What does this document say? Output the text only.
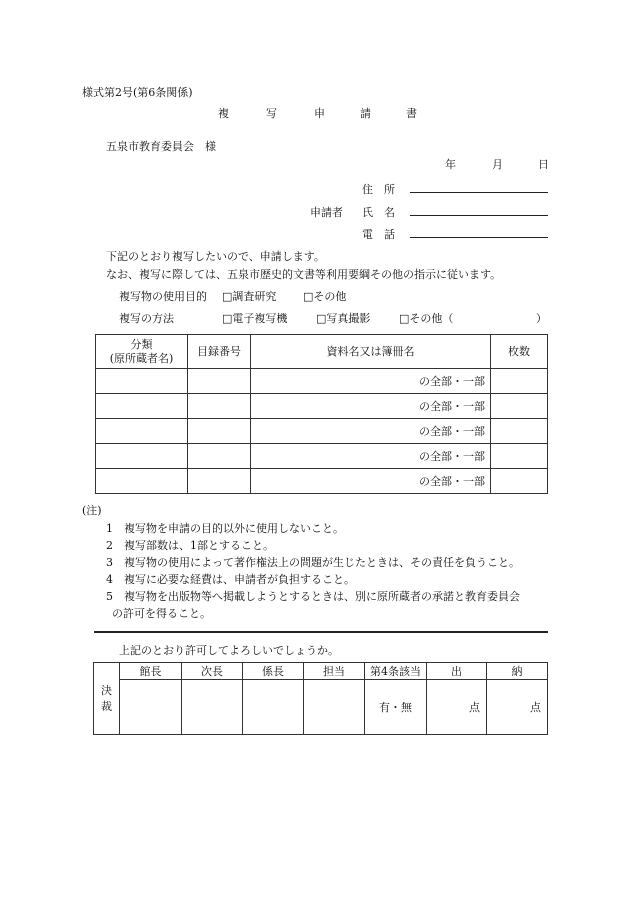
様式第2号(第6条関係)
複	写	申	請	書
五泉市教育委員会　様
年	月	日
住　所
申請者 氏　名
電　話
下記のとおり複写したいので、申請します。
なお、複写に際しては、五泉市歴史的文書等利用要綱その他の指示に従います。
複写物の使用目的 □調査研究 □その他
複写の方法	□電子複写機	□写真撮影	□その他（	）
分類
(原所蔵者名)	目録番号	資料名又は簿冊名	枚数
		の全部・一部	
		の全部・一部	
		の全部・一部	
		の全部・一部	
		の全部・一部	
(注)
1　複写物を申請の目的以外に使用しないこと。
2　複写部数は、1部とすること。
3　複写物の使用によって著作権法上の問題が生じたときは、その責任を負うこと。
4　複写に必要な経費は、申請者が負担すること。
5　複写物を出版物等へ掲載しようとするときは、別に原所蔵者の承諾と教育委員会
の許可を得ること。
上記のとおり許可してよろしいでしょうか。
決
裁	館長	次長	係長	担当	第4条該当	出	納
					有・無	点	点
